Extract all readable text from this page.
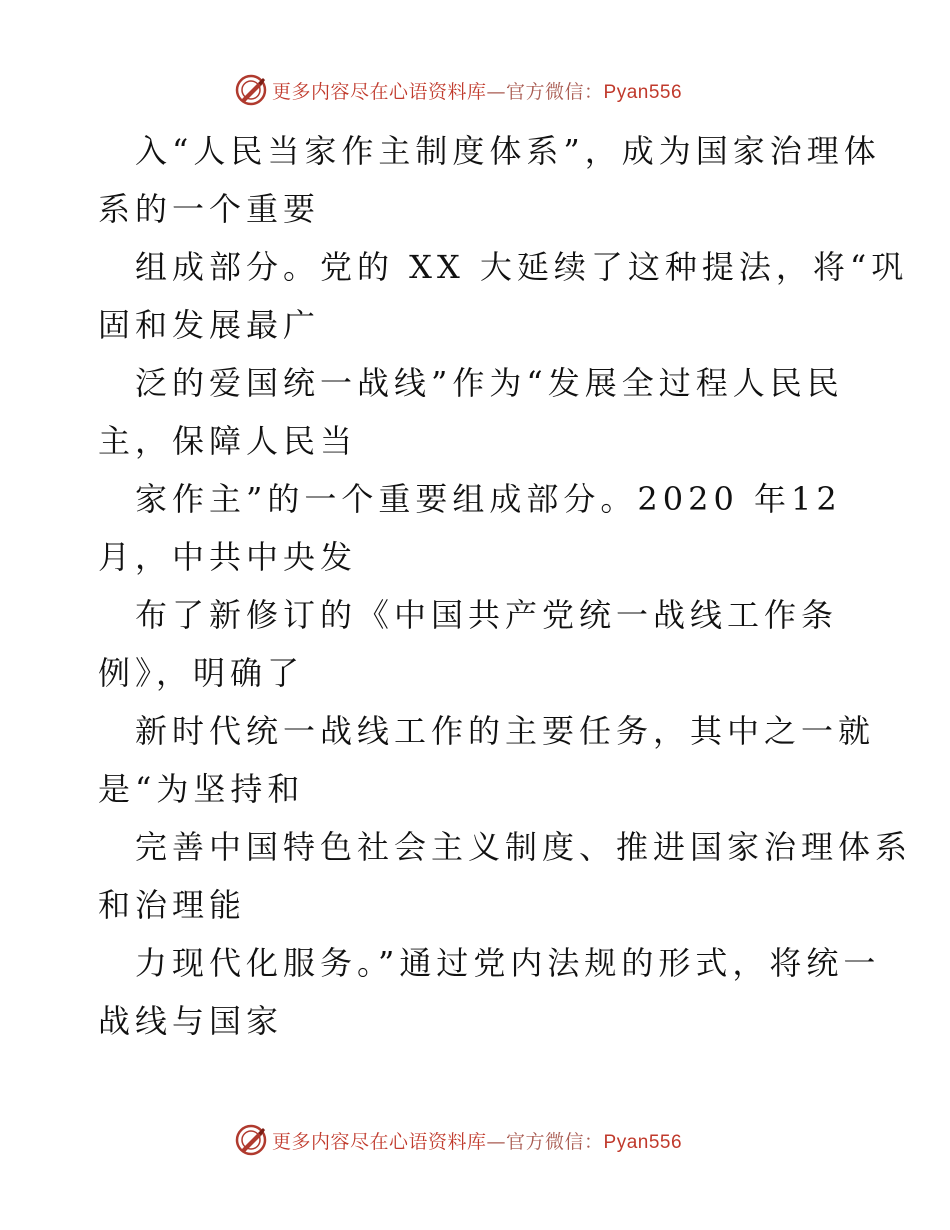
更多内容尽在心语资料库—官方微信：Pyan556
入“人民当家作主制度体系”，成为国家治理体
系的一个重要
组成部分。党的 XX 大延续了这种提法，将“巩
固和发展最广
泛的爱国统一战线”作为“发展全过程人民民
主，保障人民当
家作主”的一个重要组成部分。2020 年12
月，中共中央发
布了新修订的《中国共产党统一战线工作条
例》，明确了
新时代统一战线工作的主要任务，其中之一就
是“为坚持和
完善中国特色社会主义制度、推进国家治理体系
和治理能
力现代化服务。”通过党内法规的形式，将统一
战线与国家
更多内容尽在心语资料库—官方微信：Pyan556
